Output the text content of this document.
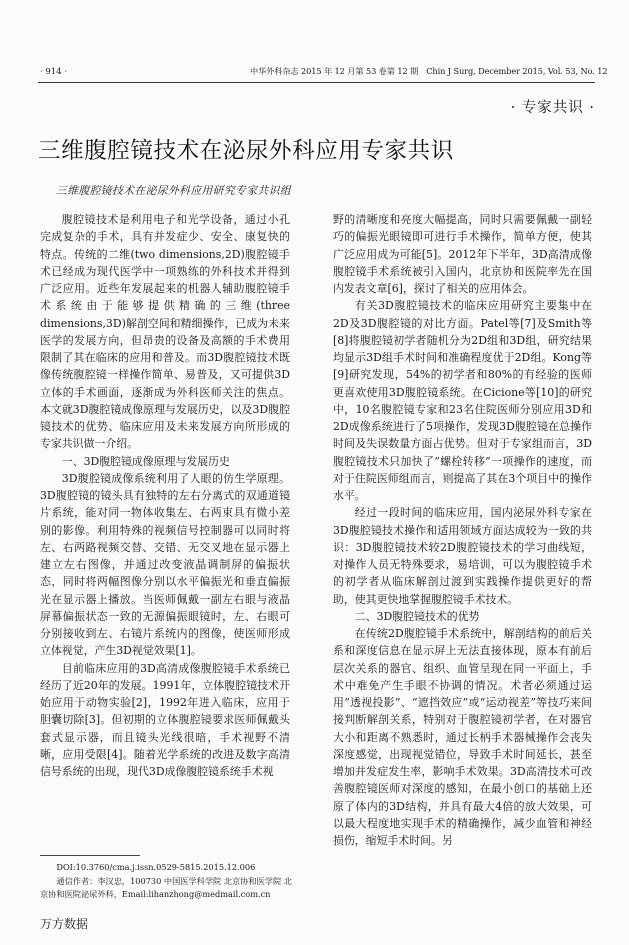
· 914 ·	中华外科杂志 2015 年 12 月第 53 卷第 12 期　Chin J Surg, December 2015, Vol. 53, No. 12
· 专家共识 ·
三维腹腔镜技术在泌尿外科应用专家共识
三维腹腔镜技术在泌尿外科应用研究专家共识组

腹腔镜技术是利用电子和光学设备，通过小孔完成复杂的手术，具有并发症少、安全、康复快的特点。传统的二维(two dimensions,2D)腹腔镜手术已经成为现代医学中一项熟练的外科技术并得到广泛应用。近些年发展起来的机器人辅助腹腔镜手术系统由于能够提供精确的三维(three dimensions,3D)解剖空间和精细操作，已成为未来医学的发展方向，但昂贵的设备及高额的手术费用限制了其在临床的应用和普及。而3D腹腔镜技术既像传统腹腔镜一样操作简单、易普及，又可提供3D立体的手术画面，逐渐成为外科医师关注的焦点。本文就3D腹腔镜成像原理与发展历史，以及3D腹腔镜技术的优势、临床应用及未来发展方向所形成的专家共识做一介绍。

一、3D腹腔镜成像原理与发展历史

3D腹腔镜成像系统利用了人眼的仿生学原理。3D腹腔镜的镜头具有独特的左右分离式的双通道镜片系统，能对同一物体收集左、右两束具有微小差别的影像。利用特殊的视频信号控制器可以同时将左、右两路视频交替、交错、无交叉地在显示器上建立左右图像，并通过改变液晶调制屏的偏振状态，同时将两幅图像分别以水平偏振光和垂直偏振光在显示器上播放。当医师佩戴一副左右眼与液晶屏幕偏振状态一致的无源偏振眼镜时，左、右眼可分别接收到左、右镜片系统内的图像，使医师形成立体视觉，产生3D视觉效果[1]。

目前临床应用的3D高清成像腹腔镜手术系统已经历了近20年的发展。1991年，立体腹腔镜技术开始应用于动物实验[2]，1992年进入临床，应用于胆囊切除[3]。但初期的立体腹腔镜要求医师佩戴头套式显示器，而且镜头光线很暗，手术视野不清晰，应用受限[4]。随着光学系统的改进及数字高清信号系统的出现，现代3D成像腹腔镜系统手术视

野的清晰度和亮度大幅提高，同时只需要佩戴一副轻巧的偏振光眼镜即可进行手术操作，简单方便，使其广泛应用成为可能[5]。2012年下半年，3D高清成像腹腔镜手术系统被引入国内，北京协和医院率先在国内发表文章[6]，探讨了相关的应用体会。

有关3D腹腔镜技术的临床应用研究主要集中在2D及3D腹腔镜的对比方面。Patel等[7]及Smith等[8]将腹腔镜初学者随机分为2D组和3D组，研究结果均显示3D组手术时间和准确程度优于2D组。Kong等[9]研究发现，54%的初学者和80%的有经验的医师更喜欢使用3D腹腔镜系统。在Cicione等[10]的研究中，10名腹腔镜专家和23名住院医师分别应用3D和2D成像系统进行了5项操作，发现3D腹腔镜在总操作时间及失误数量方面占优势。但对于专家组而言，3D腹腔镜技术只加快了“螺栓转移”一项操作的速度，而对于住院医师组而言，则提高了其在3个项目中的操作水平。

经过一段时间的临床应用，国内泌尿外科专家在3D腹腔镜技术操作和适用领域方面达成较为一致的共识：3D腹腔镜技术较2D腹腔镜技术的学习曲线短，对操作人员无特殊要求，易培训，可以为腹腔镜手术的初学者从临床解剖过渡到实践操作提供更好的帮助，使其更快地掌握腹腔镜手术技术。

二、3D腹腔镜技术的优势

在传统2D腹腔镜手术系统中，解剖结构的前后关系和深度信息在显示屏上无法直接体现，原本有前后层次关系的器官、组织、血管呈现在同一平面上，手术中难免产生手眼不协调的情况。术者必须通过运用“透视投影”、“遮挡效应”或“运动视差”等技巧来间接判断解剖关系，特别对于腹腔镜初学者，在对器官大小和距离不熟悉时，通过长柄手术器械操作会丧失深度感觉，出现视觉错位，导致手术时间延长，甚至增加并发症发生率，影响手术效果。3D高清技术可改善腹腔镜医师对深度的感知，在最小创口的基础上还原了体内的3D结构，并具有最大4倍的放大效果，可以最大程度地实现手术的精确操作，减少血管和神经损伤，缩短手术时间。另

DOI:10.3760/cma.j.issn.0529-5815.2015.12.006
通信作者：李汉忠，100730 中国医学科学院 北京协和医学院 北京协和医院泌尿外科，Email:lihanzhong@medmail.com.cn
万方数据
